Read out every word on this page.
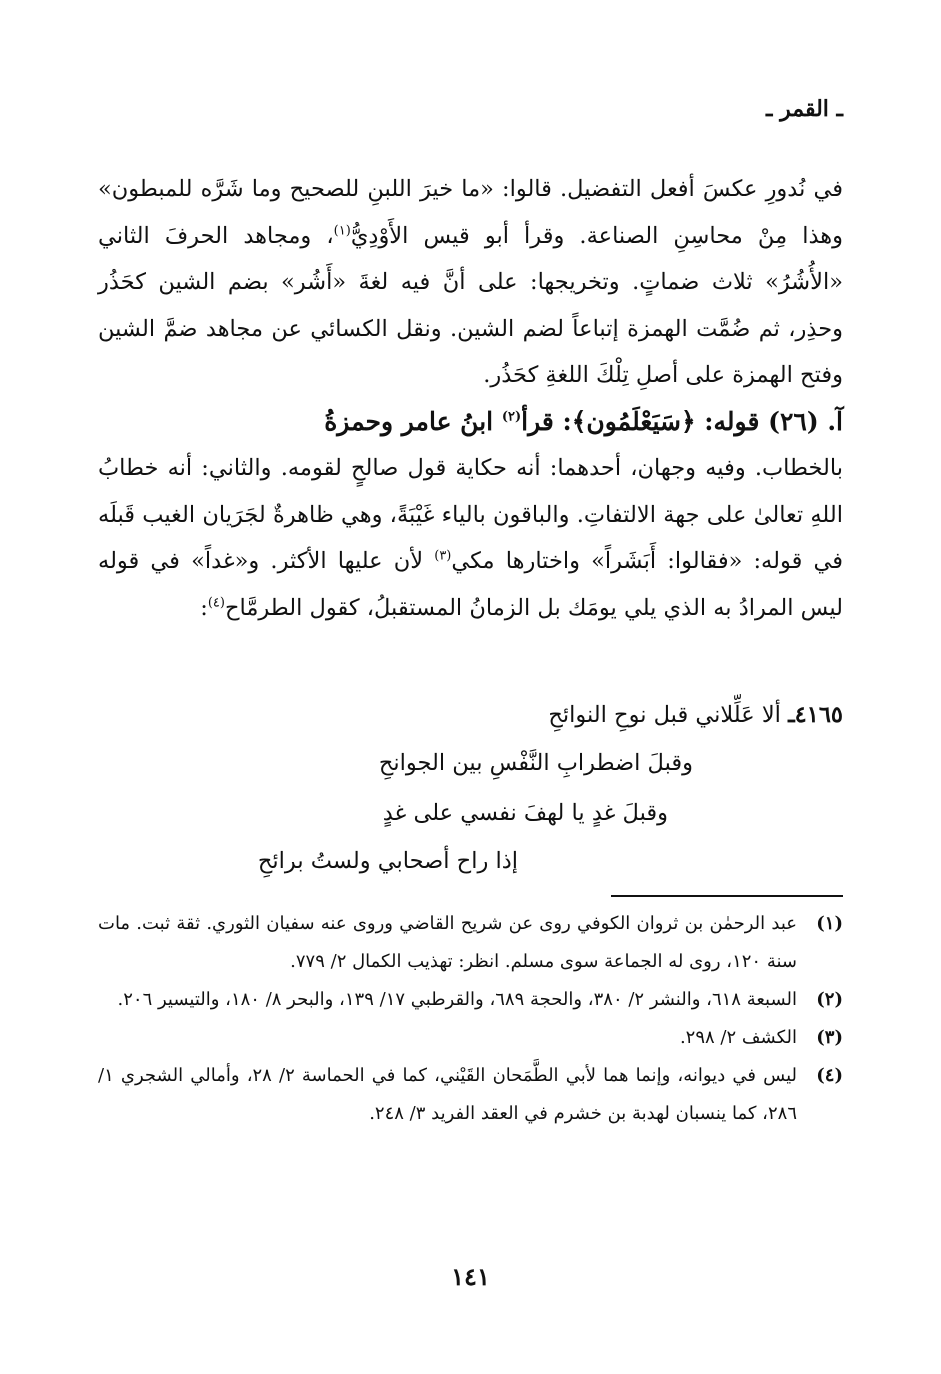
ـ القمر ـ

في نُدورِ عكسَ أفعل التفضيل. قالوا: «ما خيرَ اللبنِ للصحيح وما شَرَّه للمبطون» وهذا مِنْ محاسِنِ الصناعة. وقرأ أبو قيس الأَوْدِيُّ$^{(١)}$، ومجاهد الحرفَ الثاني «الأُشُرُ» ثلاث ضماتٍ. وتخريجها: على أنَّ فيه لغةَ «أَشُر» بضم الشين كحَذُر وحذِر، ثم ضُمَّت الهمزة إتباعاً لضم الشين. ونقل الكسائي عن مجاهد ضمَّ الشين وفتح الهمزة على أصلِ تِلْكَ اللغةِ كحَذُر.

آ. (٢٦) قوله: ﴿سَيَعْلَمُون﴾: قرأ$^{(٢)}$ ابنُ عامر وحمزةُ

بالخطاب. وفيه وجهان، أحدهما: أنه حكاية قول صالحٍ لقومه. والثاني: أنه خطابُ اللهِ تعالىٰ على جهة الالتفاتِ. والباقون بالياء غَيْبَةً، وهي ظاهرةٌ لجَرَيان الغيب قَبلَه في قوله: «فقالوا: أَبَشَراً» واختارها مكي$^{(٣)}$ لأن عليها الأكثر. و«غداً» في قوله ليس المرادُ به الذي يلي يومَك بل الزمانُ المستقبلُ، كقول الطرمَّاح$^{(٤)}$:

٤١٦٥ـ ألا عَلِّلاني قبل نوحِ النوائحِ
وقبلَ اضطرابِ النَّفْسِ بين الجوانحِ
وقبلَ غدٍ يا لهفَ نفسي على غدٍ
إذا راح أصحابي ولستُ برائحِ
(١)
عبد الرحمٰن بن ثروان الكوفي روى عن شريح القاضي وروى عنه سفيان الثوري. ثقة ثبت. مات سنة ١٢٠، روى له الجماعة سوى مسلم. انظر: تهذيب الكمال ٢/ ٧٧٩.
(٢)
السبعة ٦١٨، والنشر ٢/ ٣٨٠، والحجة ٦٨٩، والقرطبي ١٧/ ١٣٩، والبحر ٨/ ١٨٠، والتيسير ٢٠٦.
(٣)
الكشف ٢/ ٢٩٨.
(٤)
ليس في ديوانه، وإنما هما لأبي الطَّمَحان القَيْني، كما في الحماسة ٢/ ٢٨، وأمالي الشجري ١/ ٢٨٦، كما ينسبان لهدبة بن خشرم في العقد الفريد ٣/ ٢٤٨.
١٤١
